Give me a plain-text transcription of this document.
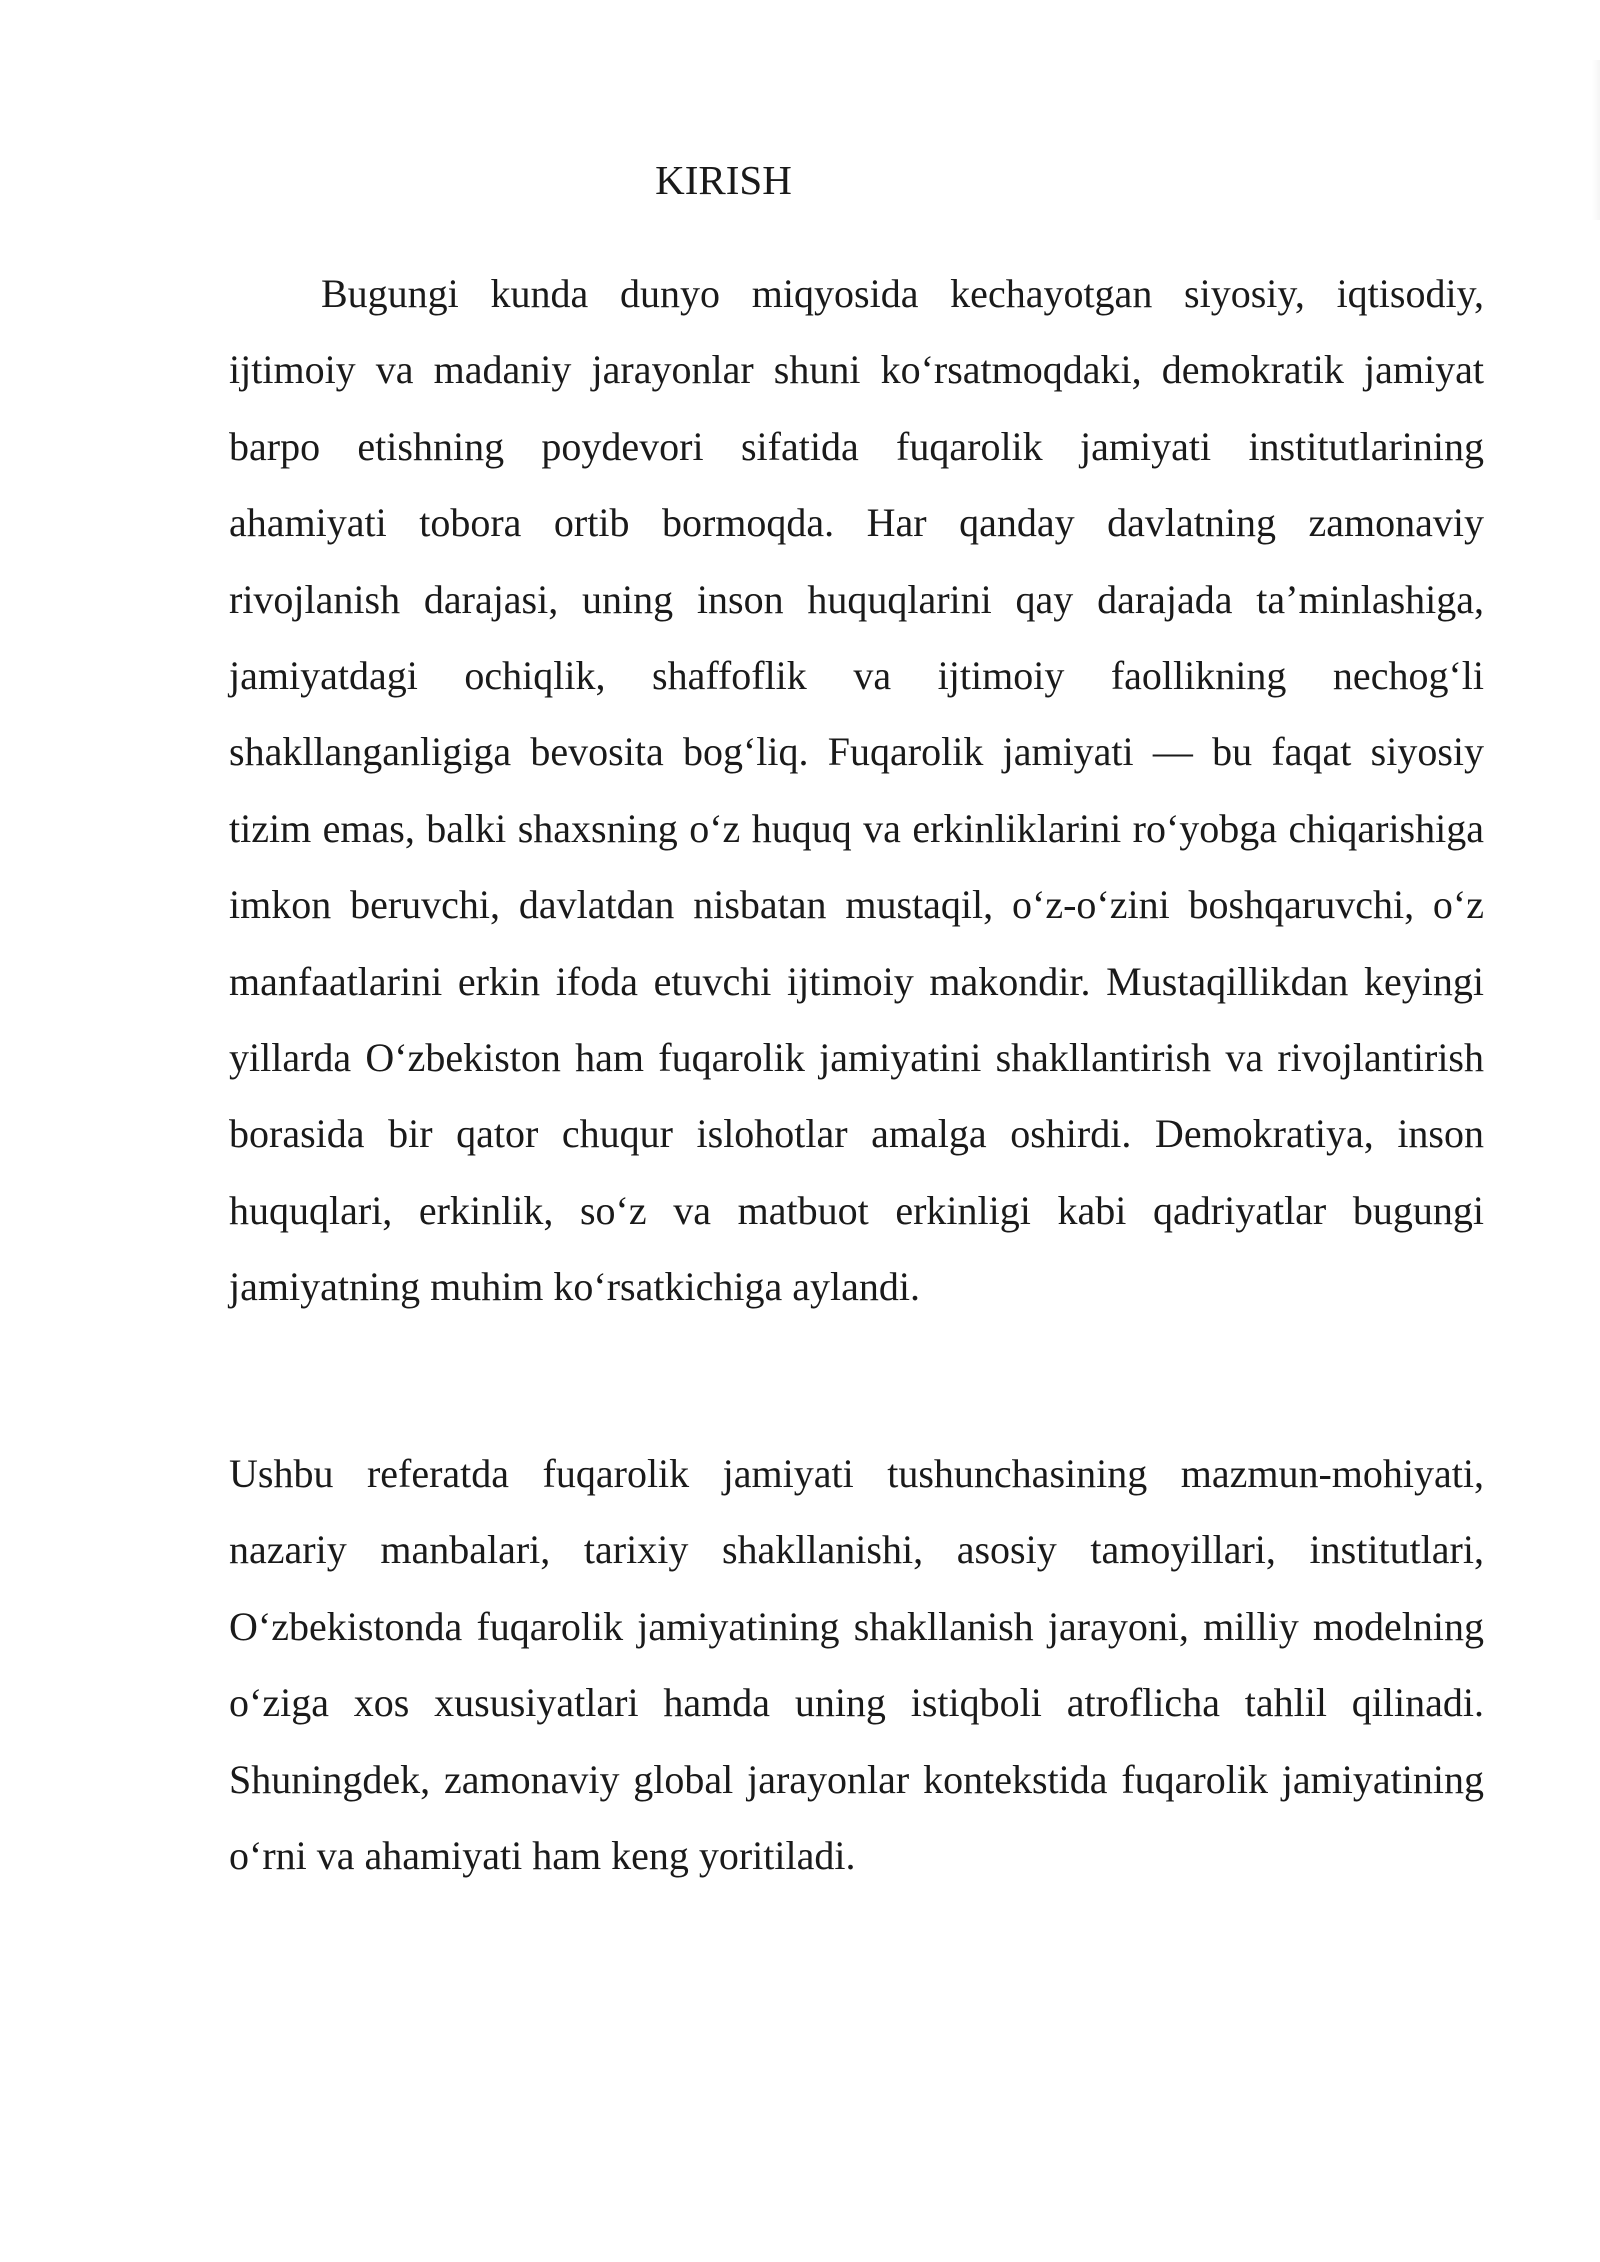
KIRISH

Bugungi kunda dunyo miqyosida kechayotgan siyosiy, iqtisodiy, ijtimoiy va madaniy jarayonlar shuni ko‘rsatmoqdaki, demokratik jamiyat barpo etishning poydevori sifatida fuqarolik jamiyati institutlarining ahamiyati tobora ortib bormoqda. Har qanday davlatning zamonaviy rivojlanish darajasi, uning inson huquqlarini qay darajada ta’minlashiga, jamiyatdagi ochiqlik, shaffoflik va ijtimoiy faollikning nechog‘li shakllanganligiga bevosita bog‘liq. Fuqarolik jamiyati — bu faqat siyosiy tizim emas, balki shaxsning o‘z huquq va erkinliklarini ro‘yobga chiqarishiga imkon beruvchi, davlatdan nisbatan mustaqil, o‘z-o‘zini boshqaruvchi, o‘z manfaatlarini erkin ifoda etuvchi ijtimoiy makondir. Mustaqillikdan keyingi yillarda O‘zbekiston ham fuqarolik jamiyatini shakllantirish va rivojlantirish borasida bir qator chuqur islohotlar amalga oshirdi. Demokratiya, inson huquqlari, erkinlik, so‘z va matbuot erkinligi kabi qadriyatlar bugungi jamiyatning muhim ko‘rsatkichiga aylandi.

Ushbu referatda fuqarolik jamiyati tushunchasining mazmun-mohiyati, nazariy manbalari, tarixiy shakllanishi, asosiy tamoyillari, institutlari, O‘zbekistonda fuqarolik jamiyatining shakllanish jarayoni, milliy modelning o‘ziga xos xususiyatlari hamda uning istiqboli atroflicha tahlil qilinadi. Shuningdek, zamonaviy global jarayonlar kontekstida fuqarolik jamiyatining o‘rni va ahamiyati ham keng yoritiladi.
